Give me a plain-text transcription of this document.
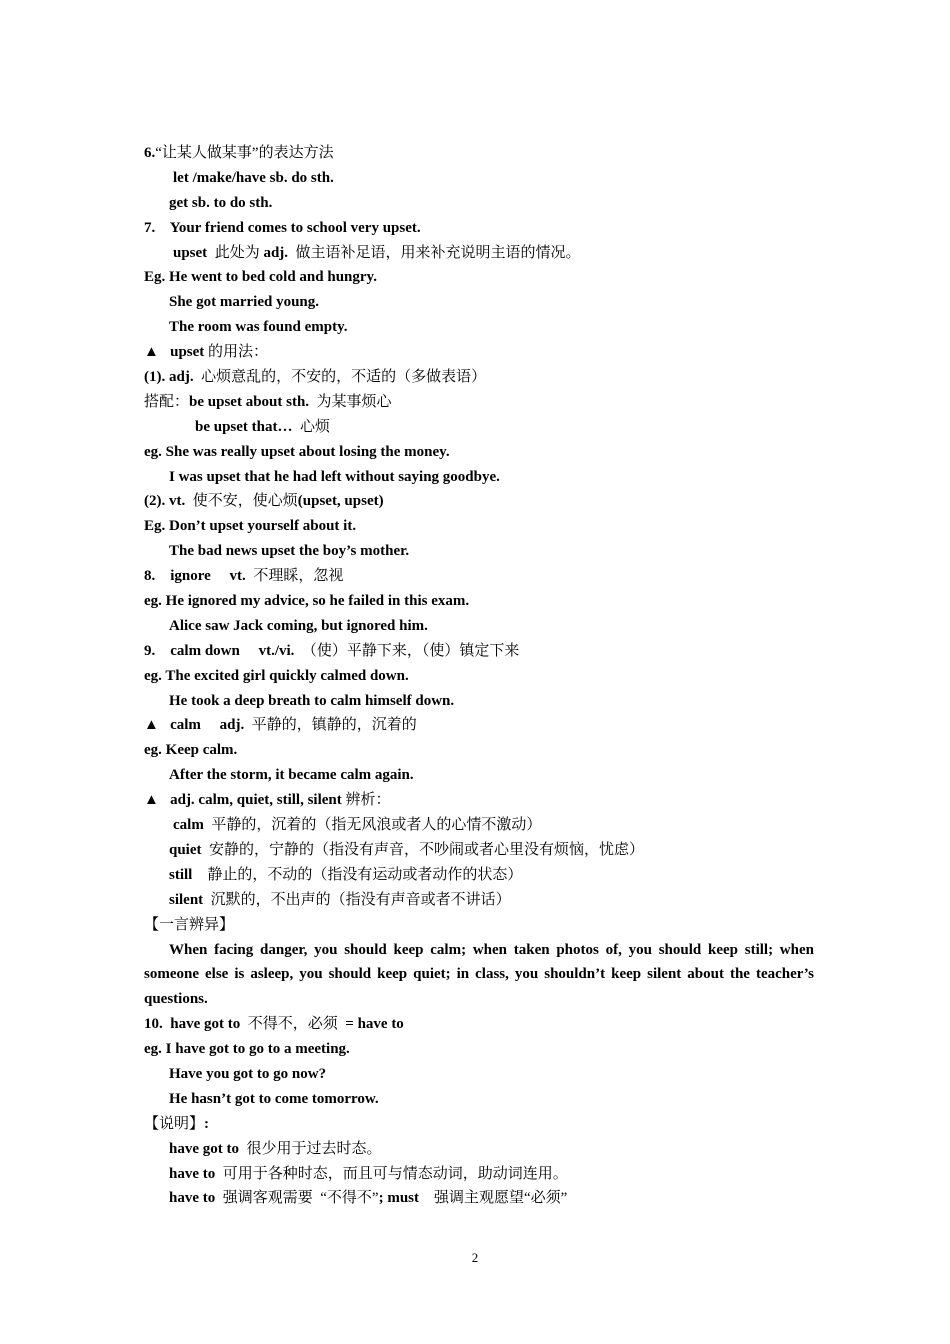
6.“让某人做某事”的表达方法
let /make/have sb. do sth.
get sb. to do sth.
7.    Your friend comes to school very upset.
upset  此处为 adj.  做主语补足语，用来补充说明主语的情况。
Eg. He went to bed cold and hungry.
She got married young.
The room was found empty.
▲   upset 的用法：
(1). adj.  心烦意乱的，不安的，不适的（多做表语）
搭配：be upset about sth.  为某事烦心
be upset that…  心烦
eg. She was really upset about losing the money.
I was upset that he had left without saying goodbye.
(2). vt.  使不安，使心烦(upset, upset)
Eg. Don’t upset yourself about it.
The bad news upset the boy’s mother.
8.    ignore     vt.  不理睬，忽视
eg. He ignored my advice, so he failed in this exam.
Alice saw Jack coming, but ignored him.
9.    calm down     vt./vi.  （使）平静下来，（使）镇定下来
eg. The excited girl quickly calmed down.
He took a deep breath to calm himself down.
▲   calm     adj.  平静的，镇静的，沉着的
eg. Keep calm.
After the storm, it became calm again.
▲   adj. calm, quiet, still, silent 辨析：
calm  平静的，沉着的（指无风浪或者人的心情不激动）
quiet  安静的，宁静的（指没有声音，不吵闹或者心里没有烦恼，忧虑）
still    静止的，不动的（指没有运动或者动作的状态）
silent  沉默的，不出声的（指没有声音或者不讲话）
【一言辨异】
When facing danger, you should keep calm; when taken photos of, you should keep still; when someone else is asleep, you should keep quiet; in class, you shouldn’t keep silent about the teacher’s questions.
10.  have got to  不得不，必须  = have to
eg. I have got to go to a meeting.
Have you got to go now?
He hasn’t got to come tomorrow.
【说明】:
have got to  很少用于过去时态。
have to  可用于各种时态，而且可与情态动词，助动词连用。
have to  强调客观需要  “不得不”; must    强调主观愿望“必须”
2
